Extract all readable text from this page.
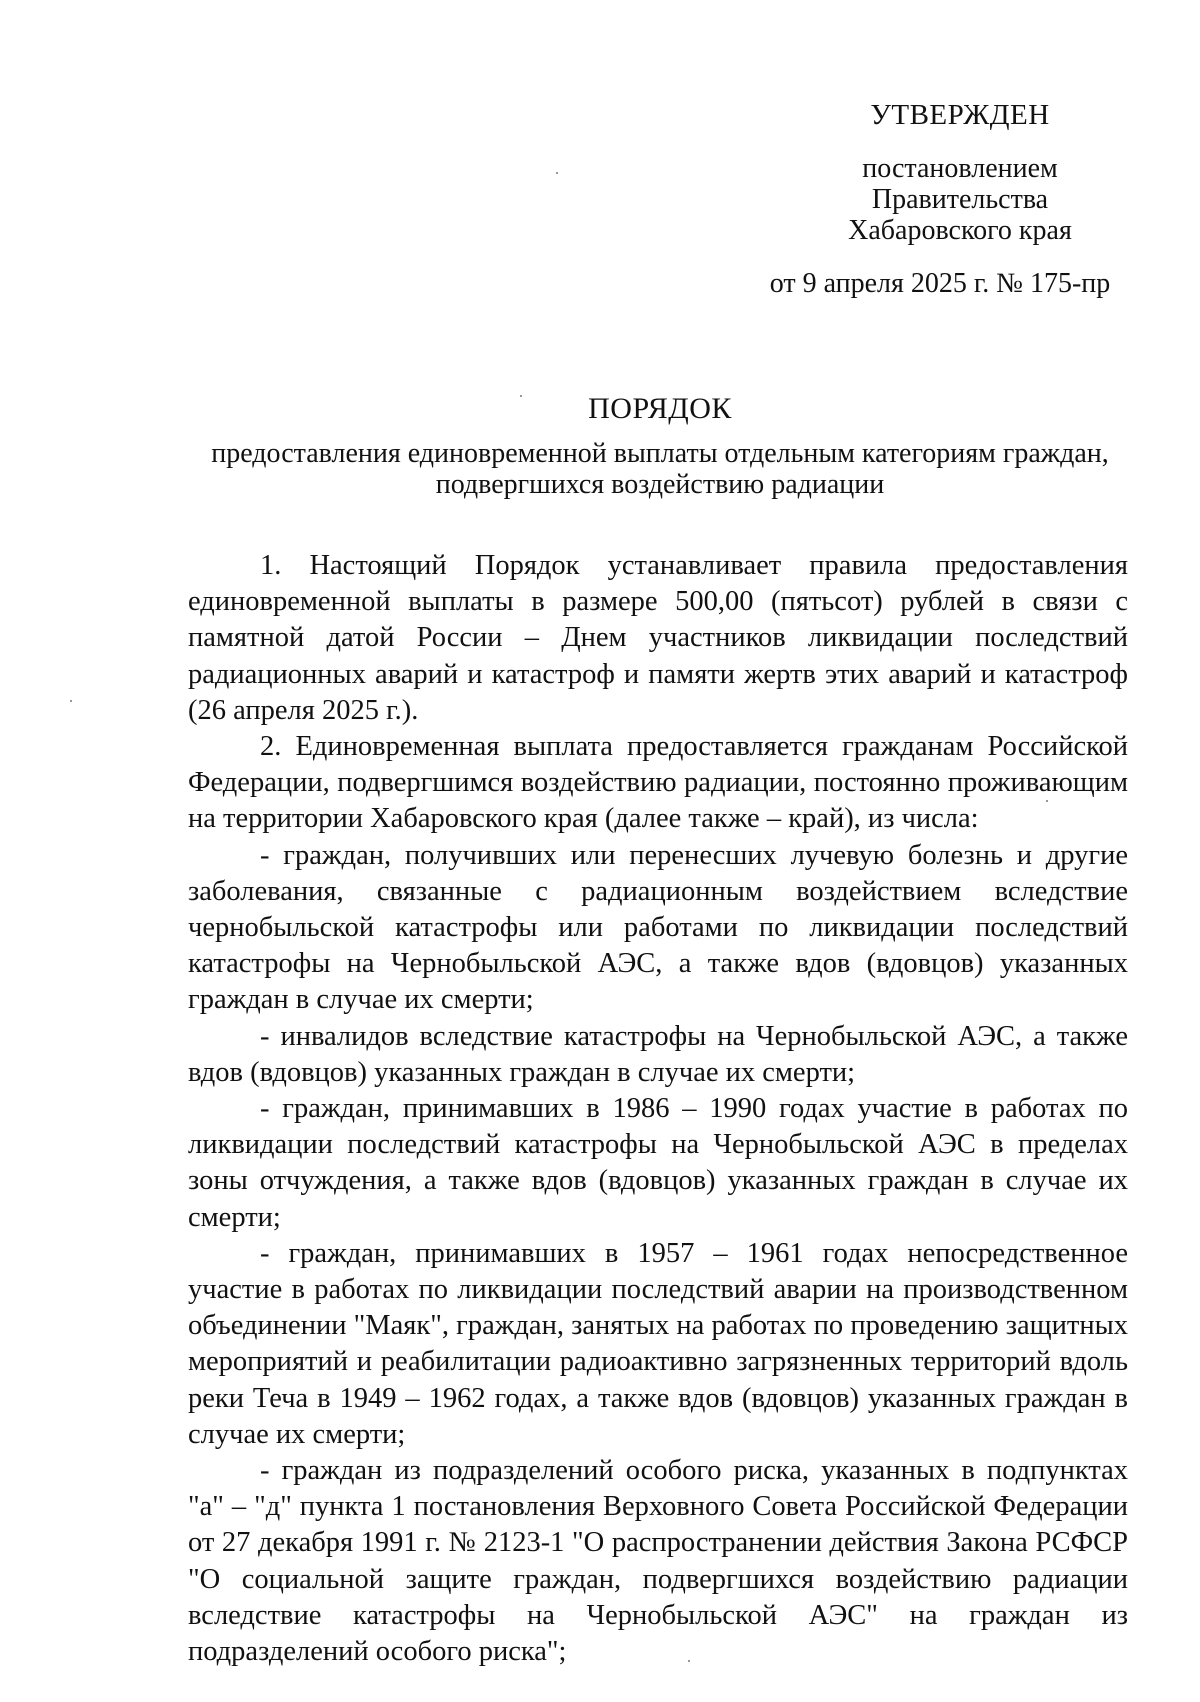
УТВЕРЖДЕН
постановлением
Правительства
Хабаровского края
от 9 апреля 2025 г. № 175-пр
ПОРЯДОК
предоставления единовременной выплаты отдельным категориям граждан,
подвергшихся воздействию радиации

1. Настоящий Порядок устанавливает правила предоставления единовременной выплаты в размере 500,00 (пятьсот) рублей в связи с памятной датой России – Днем участников ликвидации последствий радиационных аварий и катастроф и памяти жертв этих аварий и катастроф (26 апреля 2025 г.).

2. Единовременная выплата предоставляется гражданам Российской Федерации, подвергшимся воздействию радиации, постоянно проживающим на территории Хабаровского края (далее также – край), из числа:

- граждан, получивших или перенесших лучевую болезнь и другие заболевания, связанные с радиационным воздействием вследствие чернобыльской катастрофы или работами по ликвидации последствий катастрофы на Чернобыльской АЭС, а также вдов (вдовцов) указанных граждан в случае их смерти;

- инвалидов вследствие катастрофы на Чернобыльской АЭС, а также вдов (вдовцов) указанных граждан в случае их смерти;

- граждан, принимавших в 1986 – 1990 годах участие в работах по ликвидации последствий катастрофы на Чернобыльской АЭС в пределах зоны отчуждения, а также вдов (вдовцов) указанных граждан в случае их смерти;

- граждан, принимавших в 1957 – 1961 годах непосредственное участие в работах по ликвидации последствий аварии на производственном объединении "Маяк", граждан, занятых на работах по проведению защитных мероприятий и реабилитации радиоактивно загрязненных территорий вдоль реки Теча в 1949 – 1962 годах, а также вдов (вдовцов) указанных граждан в случае их смерти;

- граждан из подразделений особого риска, указанных в подпунктах "а" – "д" пункта 1 постановления Верховного Совета Российской Федерации от 27 декабря 1991 г. № 2123-1 "О распространении действия Закона РСФСР "О социальной защите граждан, подвергшихся воздействию радиации вследствие катастрофы на Чернобыльской АЭС" на граждан из подразделений особого риска";
